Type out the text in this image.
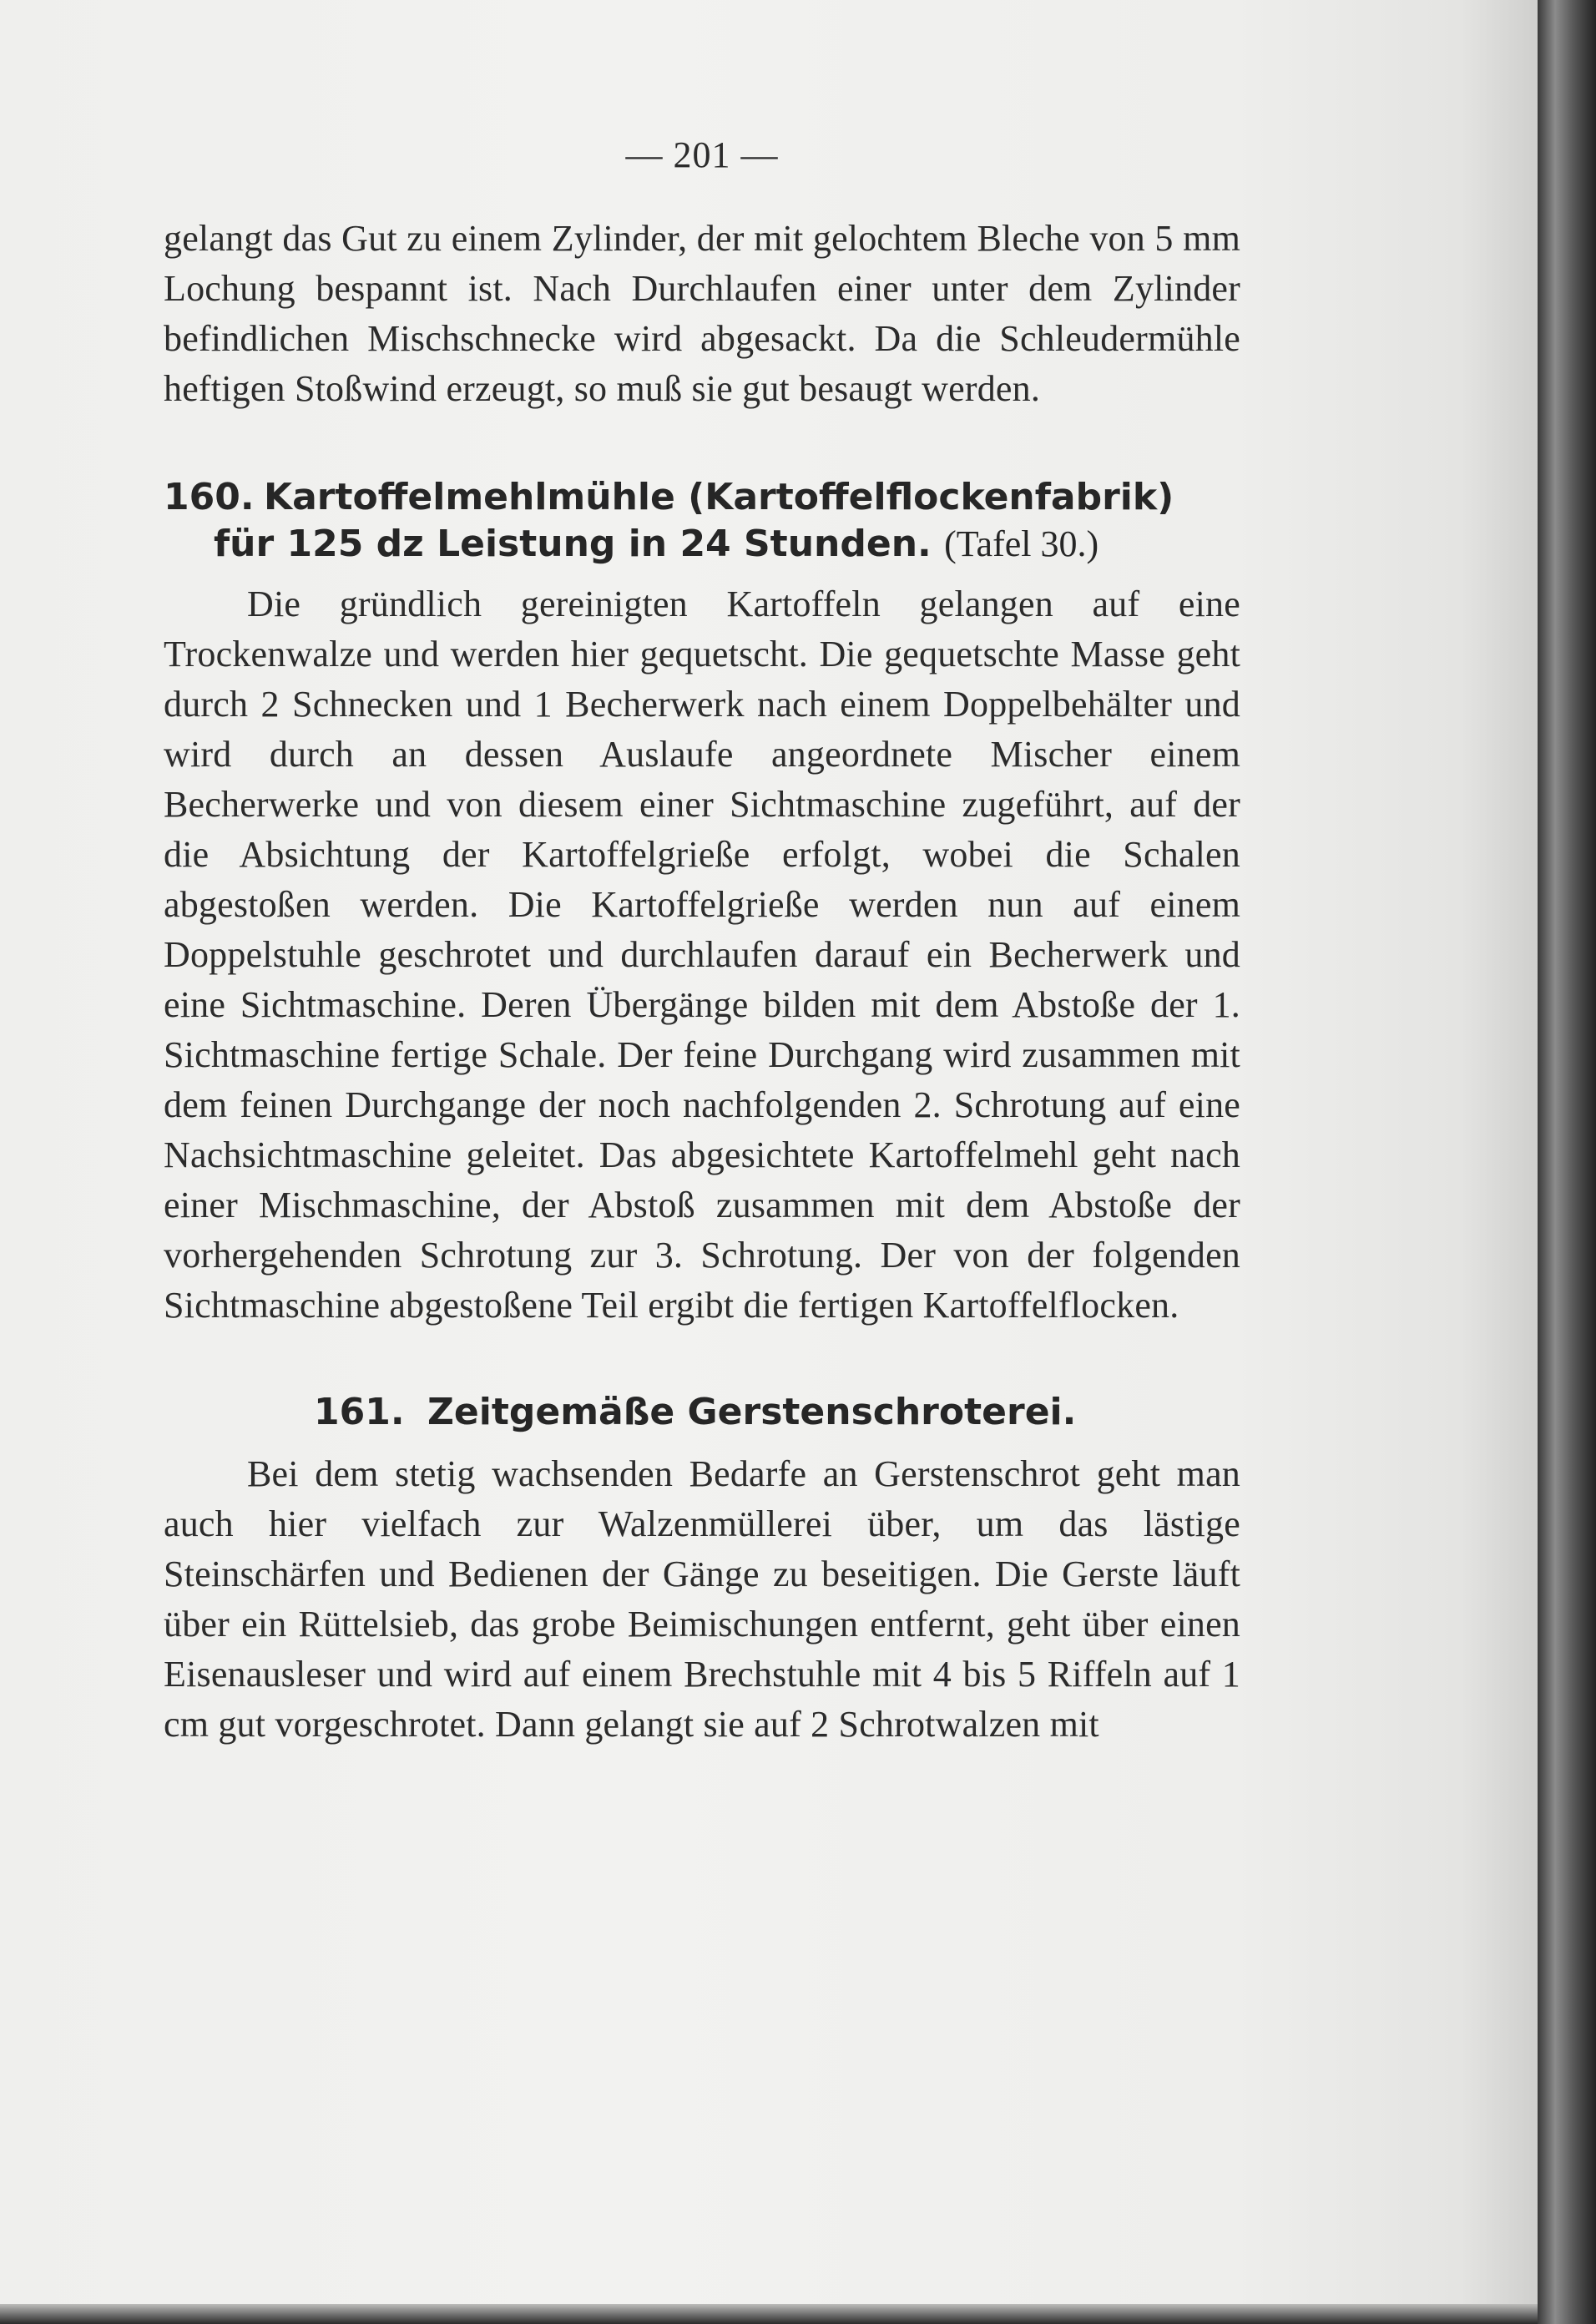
— 201 —

gelangt das Gut zu einem Zylinder, der mit gelochtem Bleche von 5 mm Lochung bespannt ist. Nach Durchlaufen einer unter dem Zylinder befindlichen Mischschnecke wird abgesackt. Da die Schleudermühle heftigen Stoßwind erzeugt, so muß sie gut besaugt werden.

160. Kartoffelmehlmühle (Kartoffelflockenfabrik)
für 125 dz Leistung in 24 Stunden. (Tafel 30.)

Die gründlich gereinigten Kartoffeln gelangen auf eine Trockenwalze und werden hier gequetscht. Die gequetschte Masse geht durch 2 Schnecken und 1 Becherwerk nach einem Doppelbehälter und wird durch an dessen Auslaufe angeordnete Mischer einem Becherwerke und von diesem einer Sichtmaschine zugeführt, auf der die Absichtung der Kartoffelgrieße erfolgt, wobei die Schalen abgestoßen werden. Die Kartoffelgrieße werden nun auf einem Doppelstuhle geschrotet und durchlaufen darauf ein Becherwerk und eine Sichtmaschine. Deren Übergänge bilden mit dem Abstoße der 1. Sichtmaschine fertige Schale. Der feine Durchgang wird zusammen mit dem feinen Durchgange der noch nachfolgenden 2. Schrotung auf eine Nachsichtmaschine geleitet. Das abgesichtete Kartoffelmehl geht nach einer Mischmaschine, der Abstoß zusammen mit dem Abstoße der vorhergehenden Schrotung zur 3. Schrotung. Der von der folgenden Sichtmaschine abgestoßene Teil ergibt die fertigen Kartoffelflocken.

161. Zeitgemäße Gerstenschroterei.

Bei dem stetig wachsenden Bedarfe an Gerstenschrot geht man auch hier vielfach zur Walzenmüllerei über, um das lästige Steinschärfen und Bedienen der Gänge zu beseitigen. Die Gerste läuft über ein Rüttelsieb, das grobe Beimischungen entfernt, geht über einen Eisenausleser und wird auf einem Brechstuhle mit 4 bis 5 Riffeln auf 1 cm gut vorgeschrotet. Dann gelangt sie auf 2 Schrotwalzen mit
